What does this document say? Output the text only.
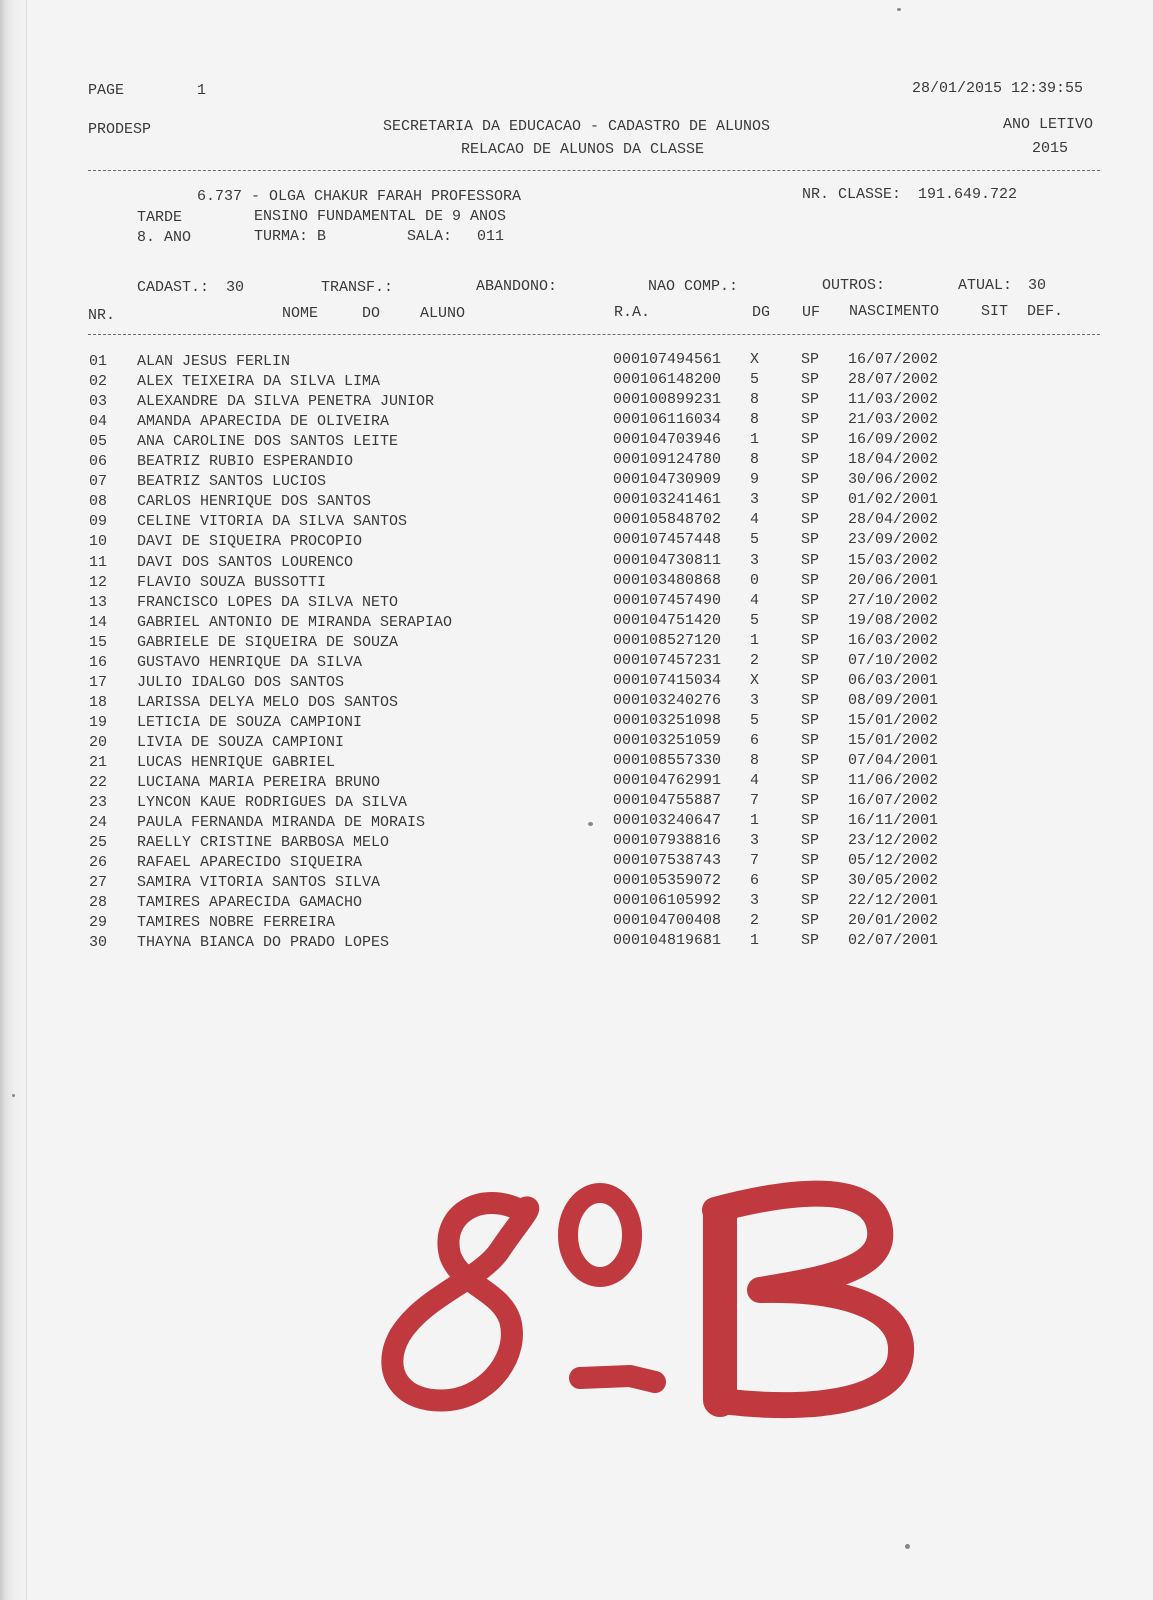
PAGE	1	28/01/2015 12:39:55
PRODESP	SECRETARIA DA EDUCACAO - CADASTRO DE ALUNOS	ANO LETIVO
RELACAO DE ALUNOS DA CLASSE	2015
6.737 - OLGA CHAKUR FARAH PROFESSORA	NR. CLASSE: 191.649.722
TARDE	ENSINO FUNDAMENTAL DE 9 ANOS
8. ANO	TURMA: B	SALA: 011
CADAST.: 30	TRANSF.:	ABANDONO:	NAO COMP.:	OUTROS:	ATUAL: 30
NR.	NOME	DO	ALUNO	R.A.	DG UF NASCIMENTO	SIT DEF.
01 ALAN JESUS FERLIN	000107494561 X	SP 16/07/2002
02 ALEX TEIXEIRA DA SILVA LIMA	000106148200 5	SP 28/07/2002
03 ALEXANDRE DA SILVA PENETRA JUNIOR	000100899231 8	SP 11/03/2002
04 AMANDA APARECIDA DE OLIVEIRA	000106116034 8	SP 21/03/2002
05 ANA CAROLINE DOS SANTOS LEITE	000104703946 1	SP 16/09/2002
06 BEATRIZ RUBIO ESPERANDIO	000109124780 8	SP 18/04/2002
07 BEATRIZ SANTOS LUCIOS	000104730909 9	SP 30/06/2002
08 CARLOS HENRIQUE DOS SANTOS	000103241461 3	SP 01/02/2001
09 CELINE VITORIA DA SILVA SANTOS	000105848702 4	SP 28/04/2002
10 DAVI DE SIQUEIRA PROCOPIO	000107457448 5	SP 23/09/2002
11 DAVI DOS SANTOS LOURENCO	000104730811 3	SP 15/03/2002
12 FLAVIO SOUZA BUSSOTTI	000103480868 0	SP 20/06/2001
13 FRANCISCO LOPES DA SILVA NETO	000107457490 4	SP 27/10/2002
14 GABRIEL ANTONIO DE MIRANDA SERAPIAO	000104751420 5	SP 19/08/2002
15 GABRIELE DE SIQUEIRA DE SOUZA	000108527120 1	SP 16/03/2002
16 GUSTAVO HENRIQUE DA SILVA	000107457231 2	SP 07/10/2002
17 JULIO IDALGO DOS SANTOS	000107415034 X	SP 06/03/2001
18 LARISSA DELYA MELO DOS SANTOS	000103240276 3	SP 08/09/2001
19 LETICIA DE SOUZA CAMPIONI	000103251098 5	SP 15/01/2002
20 LIVIA DE SOUZA CAMPIONI	000103251059 6	SP 15/01/2002
21 LUCAS HENRIQUE GABRIEL	000108557330 8	SP 07/04/2001
22 LUCIANA MARIA PEREIRA BRUNO	000104762991 4	SP 11/06/2002
23 LYNCON KAUE RODRIGUES DA SILVA	000104755887 7	SP 16/07/2002
24 PAULA FERNANDA MIRANDA DE MORAIS	000103240647 1	SP 16/11/2001
25 RAELLY CRISTINE BARBOSA MELO	000107938816 3	SP 23/12/2002
26 RAFAEL APARECIDO SIQUEIRA	000107538743 7	SP 05/12/2002
27 SAMIRA VITORIA SANTOS SILVA	000105359072 6	SP 30/05/2002
28 TAMIRES APARECIDA GAMACHO	000106105992 3	SP 22/12/2001
29 TAMIRES NOBRE FERREIRA	000104700408 2	SP 20/01/2002
30 THAYNA BIANCA DO PRADO LOPES	000104819681 1	SP 02/07/2001
